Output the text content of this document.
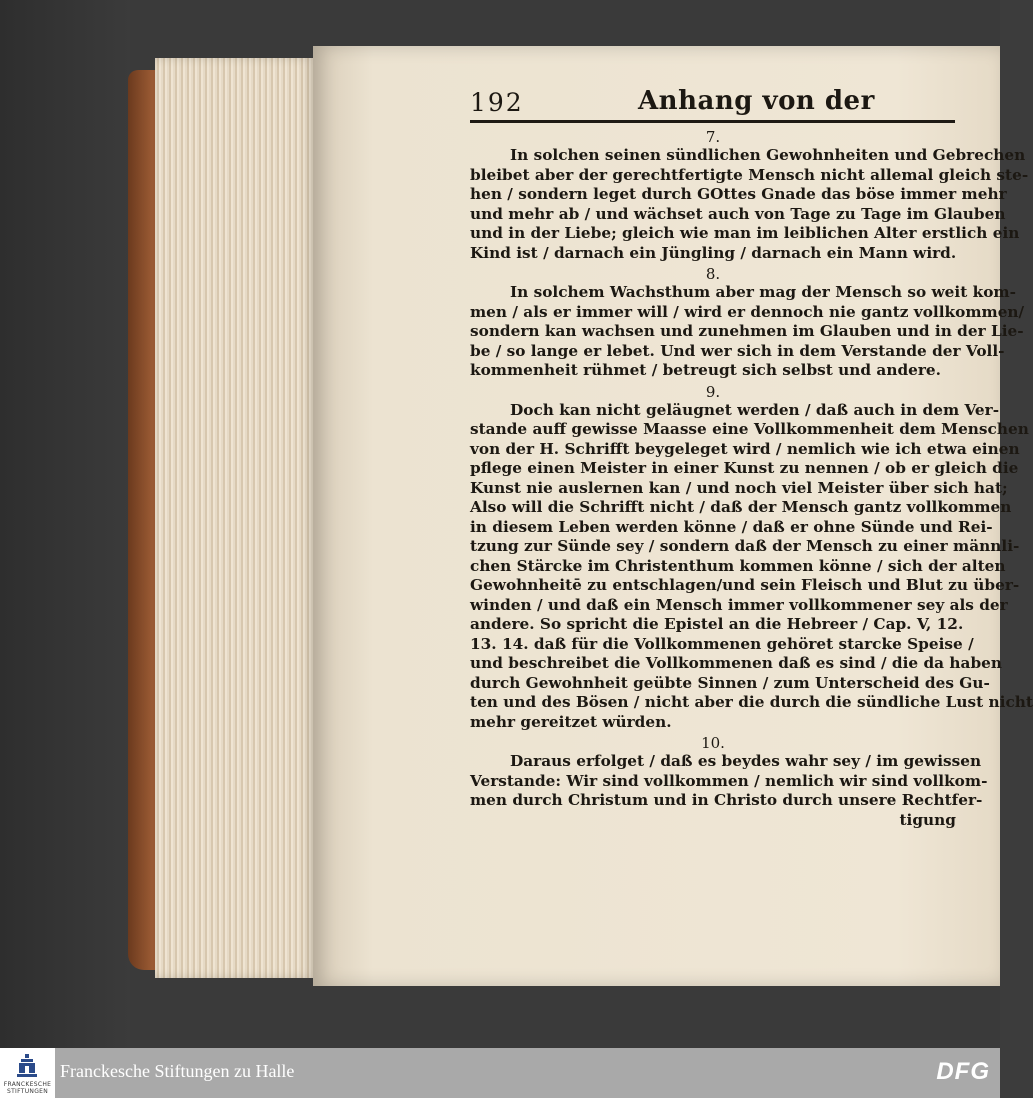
192	Anhang von der
7.
In solchen seinen sündlichen Gewohnheiten und Gebrechen
bleibet aber der gerechtfertigte Mensch nicht allemal gleich ste-
hen / sondern leget durch GOttes Gnade das böse immer mehr
und mehr ab / und wächset auch von Tage zu Tage im Glauben
und in der Liebe; gleich wie man im leiblichen Alter erstlich ein
Kind ist / darnach ein Jüngling / darnach ein Mann wird.
8.
In solchem Wachsthum aber mag der Mensch so weit kom-
men / als er immer will / wird er dennoch nie gantz vollkommen/
sondern kan wachsen und zunehmen im Glauben und in der Lie-
be / so lange er lebet. Und wer sich in dem Verstande der Voll-
kommenheit rühmet / betreugt sich selbst und andere.
9.
Doch kan nicht geläugnet werden / daß auch in dem Ver-
stande auff gewisse Maasse eine Vollkommenheit dem Menschen
von der H. Schrifft beygeleget wird / nemlich wie ich etwa einen
pflege einen Meister in einer Kunst zu nennen / ob er gleich die
Kunst nie auslernen kan / und noch viel Meister über sich hat;
Also will die Schrifft nicht / daß der Mensch gantz vollkommen
in diesem Leben werden könne / daß er ohne Sünde und Rei-
tzung zur Sünde sey / sondern daß der Mensch zu einer männli-
chen Stärcke im Christenthum kommen könne / sich der alten
Gewohnheitē zu entschlagen/und sein Fleisch und Blut zu über-
winden / und daß ein Mensch immer vollkommener sey als der
andere. So spricht die Epistel an die Hebreer / Cap. V, 12.
13. 14. daß für die Vollkommenen gehöret starcke Speise /
und beschreibet die Vollkommenen daß es sind / die da haben
durch Gewohnheit geübte Sinnen / zum Unterscheid des Gu-
ten und des Bösen / nicht aber die durch die sündliche Lust nicht
mehr gereitzet würden.
10.
Daraus erfolget / daß es beydes wahr sey / im gewissen
Verstande: Wir sind vollkommen / nemlich wir sind vollkom-
men durch Christum und in Christo durch unsere Rechtfer-
tigung
FRANCKESCHE
STIFTUNGEN
Franckesche Stiftungen zu Halle	DFG
